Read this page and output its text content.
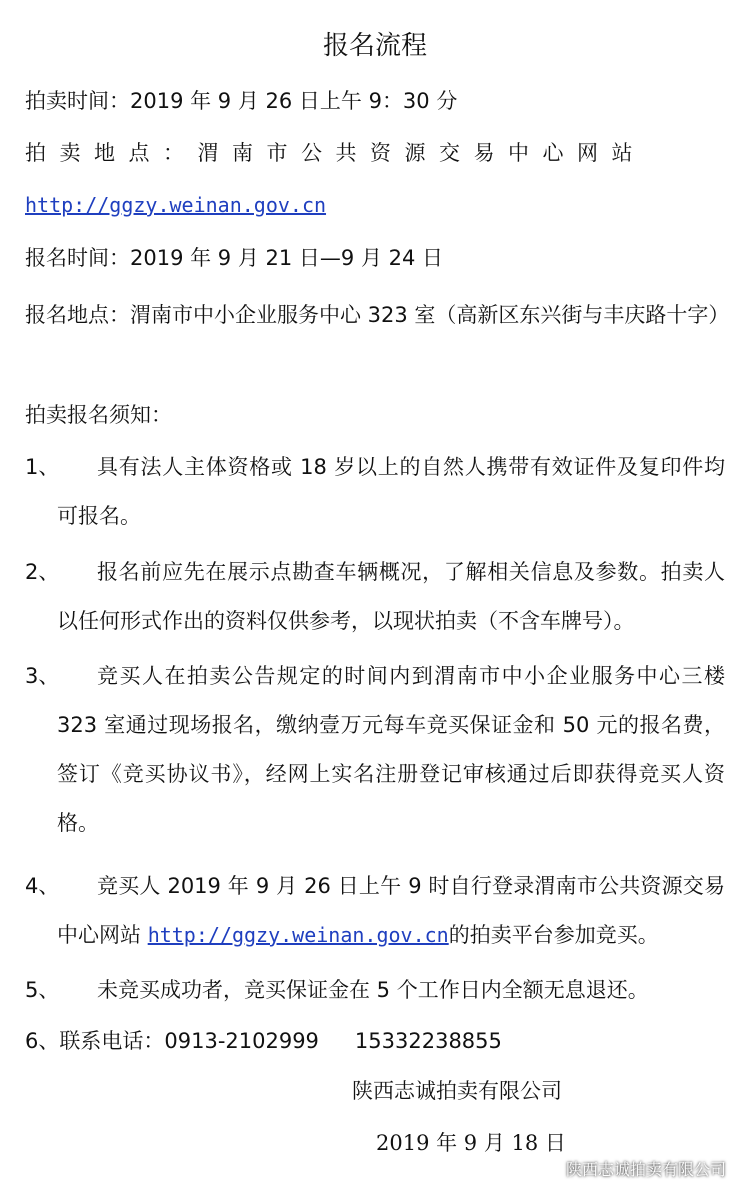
报名流程
拍卖时间：2019 年 9 月 26 日上午 9：30 分
拍卖地点：渭南市公共资源交易中心网站
http://ggzy.weinan.gov.cn
报名时间：2019 年 9 月 21 日—9 月 24 日
报名地点：渭南市中小企业服务中心 323 室（高新区东兴街与丰庆路十字）
拍卖报名须知：
1、	具有法人主体资格或 18 岁以上的自然人携带有效证件及复印件均可报名。
2、	报名前应先在展示点勘查车辆概况，了解相关信息及参数。拍卖人以任何形式作出的资料仅供参考，以现状拍卖（不含车牌号）。
3、	竞买人在拍卖公告规定的时间内到渭南市中小企业服务中心三楼 323 室通过现场报名，缴纳壹万元每车竞买保证金和 50 元的报名费，签订《竞买协议书》，经网上实名注册登记审核通过后即获得竞买人资格。
4、	竞买人 2019 年 9 月 26 日上午 9 时自行登录渭南市公共资源交易中心网站 http://ggzy.weinan.gov.cn的拍卖平台参加竞买。
5、	未竞买成功者，竞买保证金在 5 个工作日内全额无息退还。
6、联系电话：0913-2102999 15332238855
陕西志诚拍卖有限公司
2019 年 9 月 18 日
陕西志诚拍卖有限公司
